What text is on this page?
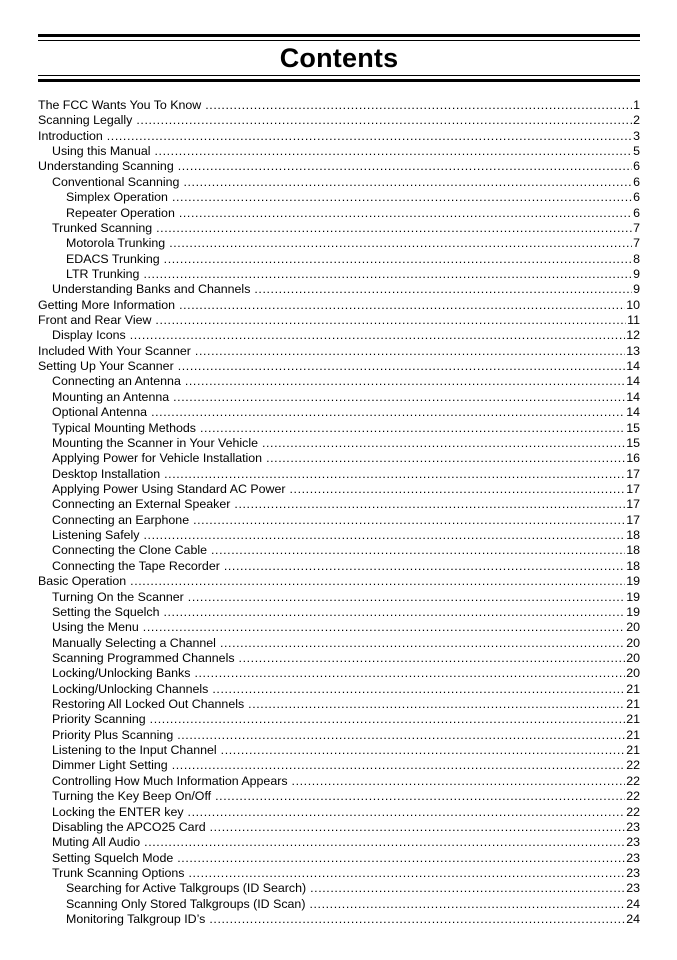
Contents
The FCC Wants You To Know .....	1
Scanning Legally .....	2
Introduction .....	3
Using this Manual .....	5
Understanding Scanning .....	6
Conventional Scanning .....	6
Simplex Operation .....	6
Repeater Operation .....	6
Trunked Scanning .....	7
Motorola Trunking .....	7
EDACS Trunking .....	8
LTR Trunking .....	9
Understanding Banks and Channels .....	9
Getting More Information .....	10
Front and Rear View .....	11
Display Icons .....	12
Included With Your Scanner .....	13
Setting Up Your Scanner .....	14
Connecting an Antenna .....	14
Mounting an Antenna .....	14
Optional Antenna .....	14
Typical Mounting Methods .....	15
Mounting the Scanner in Your Vehicle .....	15
Applying Power for Vehicle Installation .....	16
Desktop Installation .....	17
Applying Power Using Standard AC Power .....	17
Connecting an External Speaker .....	17
Connecting an Earphone .....	17
Listening Safely .....	18
Connecting the Clone Cable .....	18
Connecting the Tape Recorder .....	18
Basic Operation .....	19
Turning On the Scanner .....	19
Setting the Squelch .....	19
Using the Menu .....	20
Manually Selecting a Channel .....	20
Scanning Programmed Channels .....	20
Locking/Unlocking Banks .....	20
Locking/Unlocking Channels .....	21
Restoring All Locked Out Channels .....	21
Priority Scanning .....	21
Priority Plus Scanning .....	21
Listening to the Input Channel .....	21
Dimmer Light Setting .....	22
Controlling How Much Information Appears .....	22
Turning the Key Beep On/Off .....	22
Locking the ENTER key .....	22
Disabling the APCO25 Card .....	23
Muting All Audio .....	23
Setting Squelch Mode .....	23
Trunk Scanning Options .....	23
Searching for Active Talkgroups (ID Search) .....	23
Scanning Only Stored Talkgroups (ID Scan) .....	24
Monitoring Talkgroup ID’s .....	24
